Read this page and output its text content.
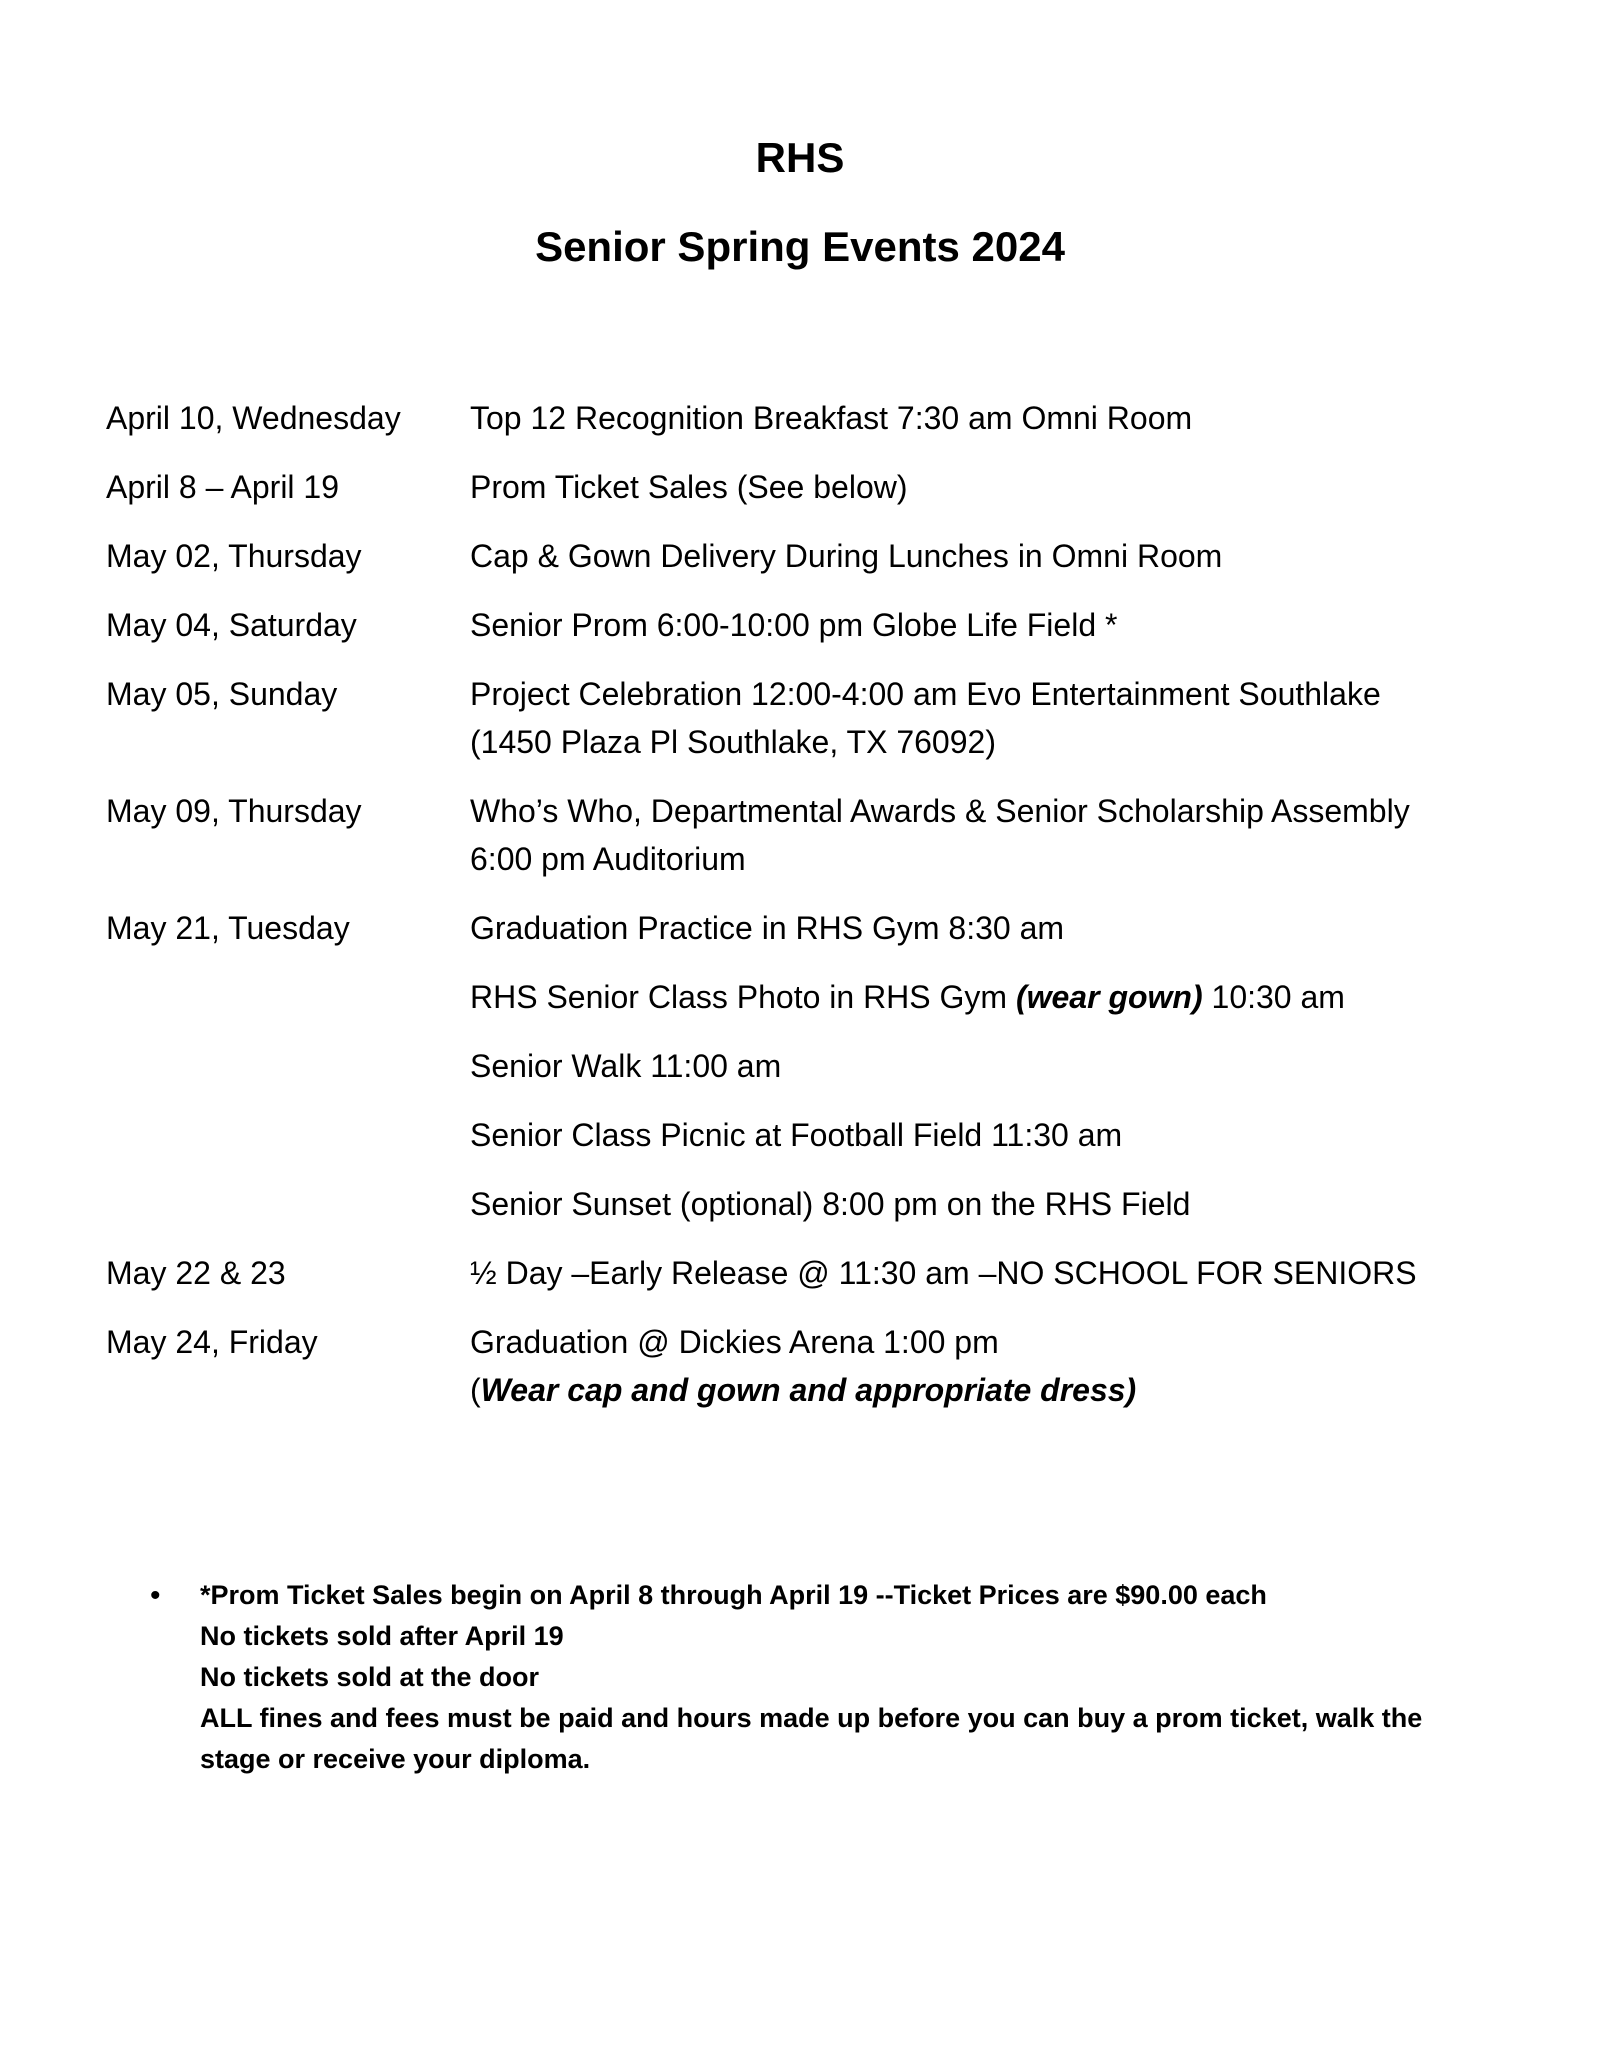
RHS
Senior Spring Events 2024
April 10, Wednesday	Top 12 Recognition Breakfast 7:30 am Omni Room
April 8 – April 19	Prom Ticket Sales (See below)
May 02, Thursday	Cap & Gown Delivery During Lunches in Omni Room
May 04, Saturday	Senior Prom 6:00-10:00 pm Globe Life Field *
May 05, Sunday	Project Celebration 12:00-4:00 am Evo Entertainment Southlake
(1450 Plaza Pl Southlake, TX 76092)
May 09, Thursday	Who’s Who, Departmental Awards & Senior Scholarship Assembly
6:00 pm Auditorium
May 21, Tuesday	Graduation Practice in RHS Gym 8:30 am
RHS Senior Class Photo in RHS Gym (wear gown) 10:30 am
Senior Walk 11:00 am
Senior Class Picnic at Football Field 11:30 am
Senior Sunset (optional) 8:00 pm on the RHS Field
May 22 & 23	½ Day –Early Release @ 11:30 am –NO SCHOOL FOR SENIORS
May 24, Friday	Graduation @ Dickies Arena 1:00 pm
(Wear cap and gown and appropriate dress)
• *Prom Ticket Sales begin on April 8 through April 19 --Ticket Prices are $90.00 each
No tickets sold after April 19
No tickets sold at the door
ALL fines and fees must be paid and hours made up before you can buy a prom ticket, walk the
stage or receive your diploma.
